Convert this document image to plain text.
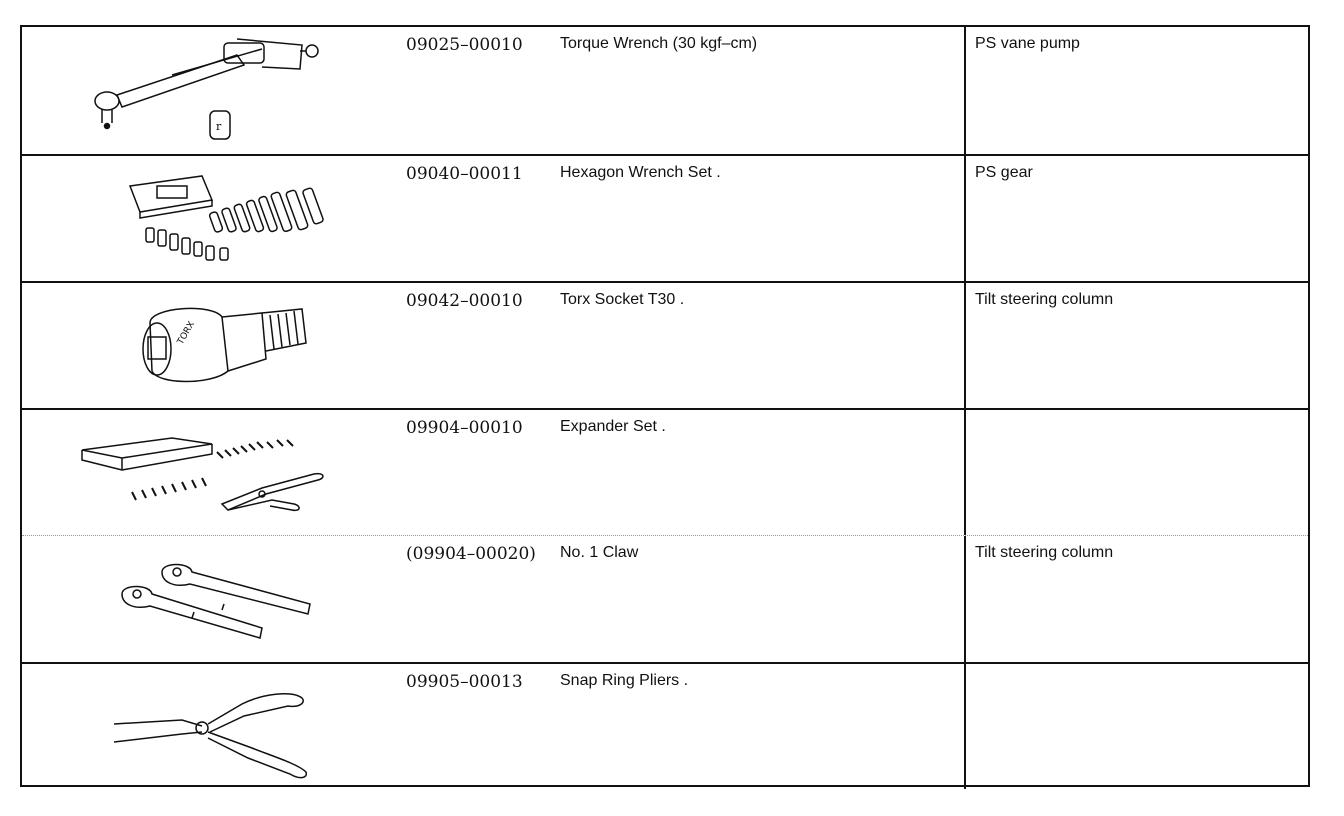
r
09025–00010 Torque Wrench (30 kgf–cm)	PS vane pump
09040–00011 Hexagon Wrench Set .	PS gear
TORX
09042–00010 Torx Socket T30 .	Tilt steering column
09904–00010 Expander Set .
(09904–00020) No. 1 Claw	Tilt steering column
09905–00013 Snap Ring Pliers .
